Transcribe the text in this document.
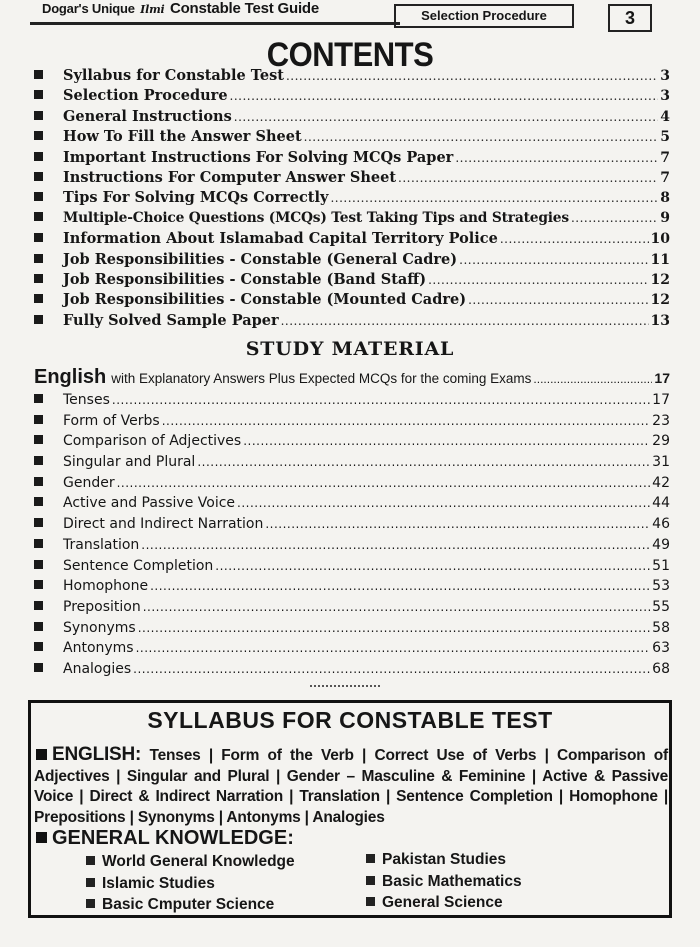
Dogar's Unique Ilmi Constable Test Guide	Selection Procedure	3
CONTENTS
Syllabus for Constable Test .....	3
Selection Procedure .....	3
General Instructions .....	4
How To Fill the Answer Sheet .....	5
Important Instructions For Solving MCQs Paper .....	7
Instructions For Computer Answer Sheet .....	7
Tips For Solving MCQs Correctly .....	8
Multiple-Choice Questions (MCQs) Test Taking Tips and Strategies .....	9
Information About Islamabad Capital Territory Police .....	10
Job Responsibilities - Constable (General Cadre) .....	11
Job Responsibilities - Constable (Band Staff) .....	12
Job Responsibilities - Constable (Mounted Cadre) .....	12
Fully Solved Sample Paper .....	13
STUDY MATERIAL
English with Explanatory Answers Plus Expected MCQs for the coming Exams .....	17
Tenses .....	17
Form of Verbs .....	23
Comparison of Adjectives .....	29
Singular and Plural .....	31
Gender .....	42
Active and Passive Voice .....	44
Direct and Indirect Narration .....	46
Translation .....	49
Sentence Completion .....	51
Homophone .....	53
Preposition .....	55
Synonyms .....	58
Antonyms .....	63
Analogies .....	68
SYLLABUS FOR CONSTABLE TEST
ENGLISH: Tenses | Form of the Verb | Correct Use of Verbs | Comparison of Adjectives | Singular and Plural | Gender – Masculine & Feminine | Active & Passive Voice | Direct & Indirect Narration | Translation | Sentence Completion | Homophone | Prepositions | Synonyms | Antonyms | Analogies
GENERAL KNOWLEDGE:
World General Knowledge	Pakistan Studies
Islamic Studies	Basic Mathematics
Basic Cmputer Science	General Science
